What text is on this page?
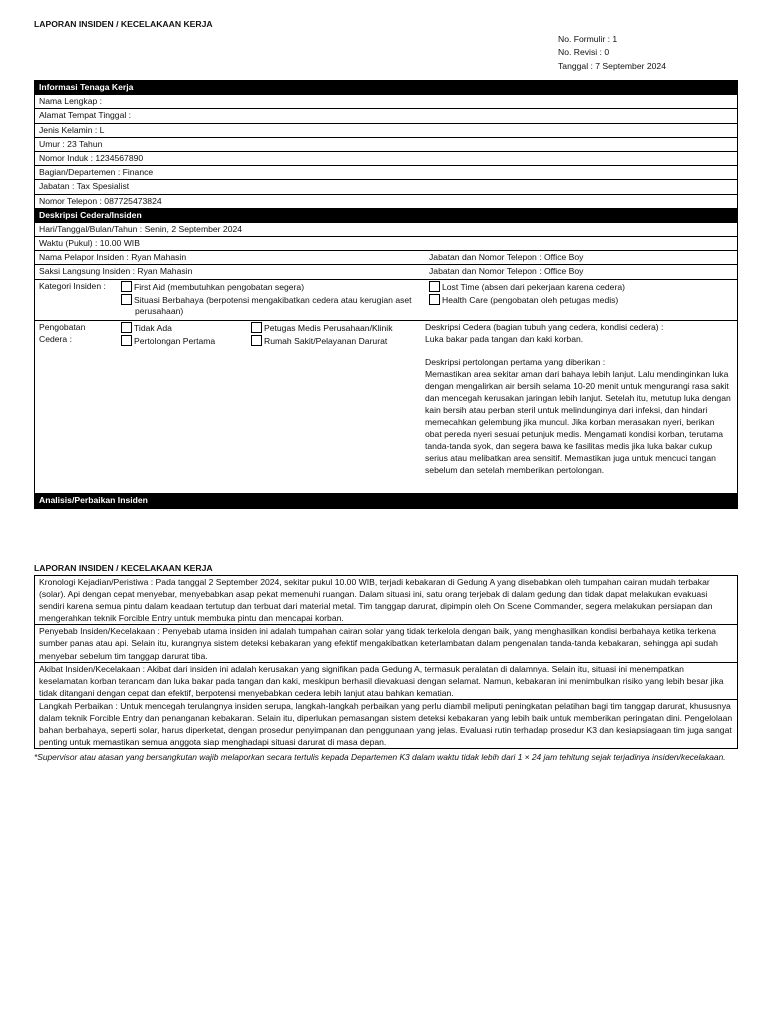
LAPORAN INSIDEN / KECELAKAAN KERJA
No. Formulir : 1
No. Revisi : 0
Tanggal : 7 September 2024
Informasi Tenaga Kerja
Nama Lengkap :
Alamat Tempat Tinggal :
Jenis Kelamin : L
Umur : 23 Tahun
Nomor Induk : 1234567890
Bagian/Departemen : Finance
Jabatan : Tax Spesialist
Nomor Telepon : 087725473824
Deskripsi Cedera/Insiden
Hari/Tanggal/Bulan/Tahun : Senin, 2 September 2024
Waktu (Pukul) : 10.00 WIB
Nama Pelapor Insiden : Ryan Mahasin	Jabatan dan Nomor Telepon : Office Boy
Saksi Langsung Insiden : Ryan Mahasin	Jabatan dan Nomor Telepon : Office Boy
Kategori Insiden :	First Aid (membutuhkan pengobatan segera)
Situasi Berbahaya (berpotensi mengakibatkan cedera atau kerugian aset perusahaan)
Lost Time (absen dari pekerjaan karena cedera)
Health Care (pengobatan oleh petugas medis)
Pengobatan
Cedera :
Tidak Ada
Pertolongan Pertama
Petugas Medis Perusahaan/Klinik
Rumah Sakit/Pelayanan Darurat

Deskripsi Cedera (bagian tubuh yang cedera, kondisi cedera) :

Luka bakar pada tangan dan kaki korban.

Deskripsi pertolongan pertama yang diberikan :

Memastikan area sekitar aman dari bahaya lebih lanjut. Lalu mendinginkan luka dengan mengalirkan air bersih selama 10-20 menit untuk mengurangi rasa sakit dan mencegah kerusakan jaringan lebih lanjut. Setelah itu, metutup luka dengan kain bersih atau perban steril untuk melindunginya dari infeksi, dan hindari memecahkan gelembung jika muncul. Jika korban merasakan nyeri, berikan obat pereda nyeri sesuai petunjuk medis. Mengamati kondisi korban, terutama tanda-tanda syok, dan segera bawa ke fasilitas medis jika luka bakar cukup serius atau melibatkan area sensitif. Memastikan juga untuk mencuci tangan sebelum dan setelah memberikan pertolongan.

Analisis/Perbaikan Insiden
LAPORAN INSIDEN / KECELAKAAN KERJA
Kronologi Kejadian/Peristiwa : Pada tanggal 2 September 2024, sekitar pukul 10.00 WIB, terjadi kebakaran di Gedung A yang disebabkan oleh tumpahan cairan mudah terbakar (solar). Api dengan cepat menyebar, menyebabkan asap pekat memenuhi ruangan. Dalam situasi ini, satu orang terjebak di dalam gedung dan tidak dapat melakukan evakuasi sendiri karena semua pintu dalam keadaan tertutup dan terbuat dari material metal. Tim tanggap darurat, dipimpin oleh On Scene Commander, segera melakukan persiapan dan mengerahkan teknik Forcible Entry untuk membuka pintu dan mencapai korban.
Penyebab Insiden/Kecelakaan : Penyebab utama insiden ini adalah tumpahan cairan solar yang tidak terkelola dengan baik, yang menghasilkan kondisi berbahaya ketika terkena sumber panas atau api. Selain itu, kurangnya sistem deteksi kebakaran yang efektif mengakibatkan keterlambatan dalam pengenalan tanda-tanda kebakaran, sehingga api sudah menyebar sebelum tim tanggap darurat tiba.
Akibat Insiden/Kecelakaan : Akibat dari insiden ini adalah kerusakan yang signifikan pada Gedung A, termasuk peralatan di dalamnya. Selain itu, situasi ini menempatkan keselamatan korban terancam dan luka bakar pada tangan dan kaki, meskipun berhasil dievakuasi dengan selamat. Namun, kebakaran ini menimbulkan risiko yang lebih besar jika tidak ditangani dengan cepat dan efektif, berpotensi menyebabkan cedera lebih lanjut atau bahkan kematian.
Langkah Perbaikan : Untuk mencegah terulangnya insiden serupa, langkah-langkah perbaikan yang perlu diambil meliputi peningkatan pelatihan bagi tim tanggap darurat, khususnya dalam teknik Forcible Entry dan penanganan kebakaran. Selain itu, diperlukan pemasangan sistem deteksi kebakaran yang lebih baik untuk memberikan peringatan dini. Pengelolaan bahan berbahaya, seperti solar, harus diperketat, dengan prosedur penyimpanan dan penggunaan yang jelas. Evaluasi rutin terhadap prosedur K3 dan kesiapsiagaan tim juga sangat penting untuk memastikan semua anggota siap menghadapi situasi darurat di masa depan.
*Supervisor atau atasan yang bersangkutan wajib melaporkan secara tertulis kepada Departemen K3 dalam waktu tidak lebih dari 1 × 24 jam tehitung sejak terjadinya insiden/kecelakaan.
